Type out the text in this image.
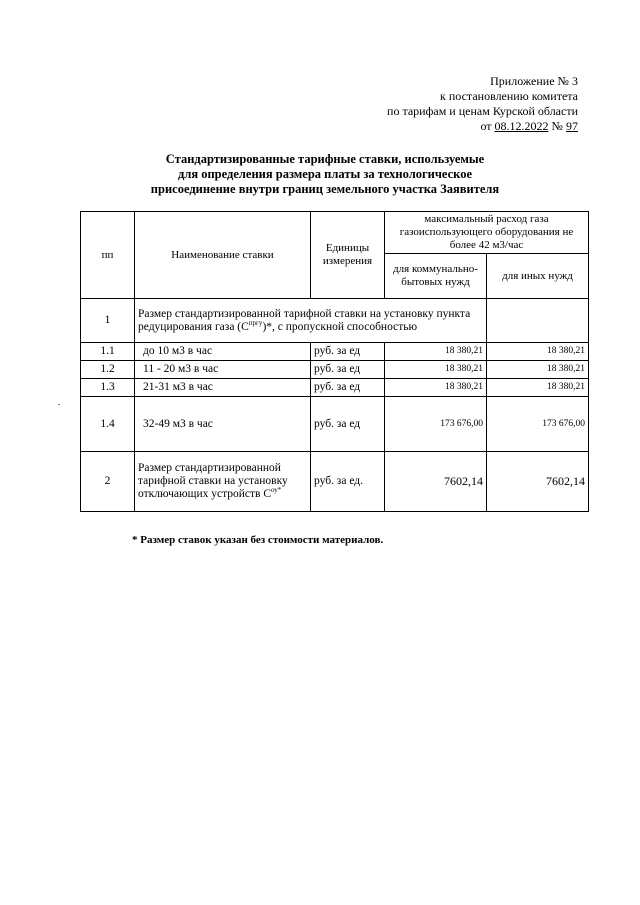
Приложение № 3
к постановлению комитета
по тарифам и ценам Курской области
от 08.12.2022 № 97
Стандартизированные тарифные ставки, используемые
для определения размера платы за технологическое
присоединение внутри границ земельного участка Заявителя
пп	Наименование ставки	Единицы измерения	максимальный расход газа газоиспользующего оборудования не более 42 м3/час	
			для коммунально-бытовых нужд	для иных нужд
1	Размер стандартизированной тарифной ставки на установку пункта редуцирования газа $(С^{пргу})*$, с пропускной способностью			
1.1	до 10 м3 в час	руб. за ед	18 380,21	18 380,21
1.2	11 - 20 м3 в час	руб. за ед	18 380,21	18 380,21
1.3	21-31 м3 в час	руб. за ед	18 380,21	18 380,21
1.4	32-49 м3 в час	руб. за ед	173 676,00	173 676,00
2	Размер стандартизированной тарифной ставки на установку отключающих устройств $С^{оу*}$	руб. за ед.	7602,14	7602,14
* Размер ставок указан без стоимости материалов.
